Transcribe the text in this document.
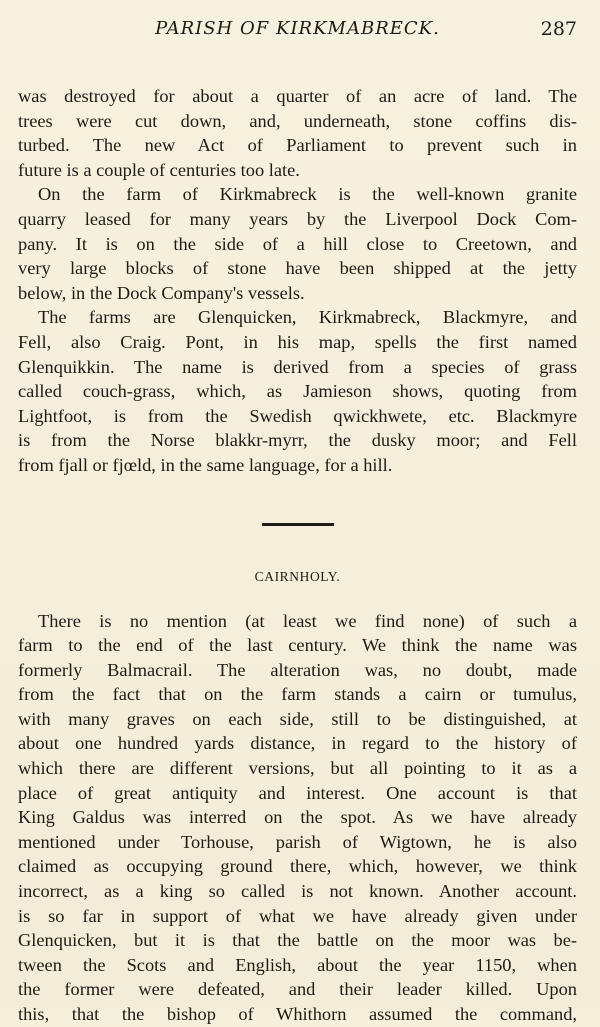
PARISH OF KIRKMABRECK.	287
was destroyed for about a quarter of an acre of land. The
trees were cut down, and, underneath, stone coffins dis-
turbed. The new Act of Parliament to prevent such in
future is a couple of centuries too late.
On the farm of Kirkmabreck is the well-known granite
quarry leased for many years by the Liverpool Dock Com-
pany. It is on the side of a hill close to Creetown, and
very large blocks of stone have been shipped at the jetty
below, in the Dock Company's vessels.
The farms are Glenquicken, Kirkmabreck, Blackmyre, and
Fell, also Craig. Pont, in his map, spells the first named
Glenquikkin. The name is derived from a species of grass
called couch-grass, which, as Jamieson shows, quoting from
Lightfoot, is from the Swedish qwickhwete, etc. Blackmyre
is from the Norse blakkr-myrr, the dusky moor; and Fell
from fjall or fjœld, in the same language, for a hill.
CAIRNHOLY.
There is no mention (at least we find none) of such a
farm to the end of the last century. We think the name was
formerly Balmacrail. The alteration was, no doubt, made
from the fact that on the farm stands a cairn or tumulus,
with many graves on each side, still to be distinguished, at
about one hundred yards distance, in regard to the history of
which there are different versions, but all pointing to it as a
place of great antiquity and interest. One account is that
King Galdus was interred on the spot. As we have already
mentioned under Torhouse, parish of Wigtown, he is also
claimed as occupying ground there, which, however, we think
incorrect, as a king so called is not known. Another account.
is so far in support of what we have already given under
Glenquicken, but it is that the battle on the moor was be-
tween the Scots and English, about the year 1150, when
the former were defeated, and their leader killed. Upon
this, that the bishop of Whithorn assumed the command,
